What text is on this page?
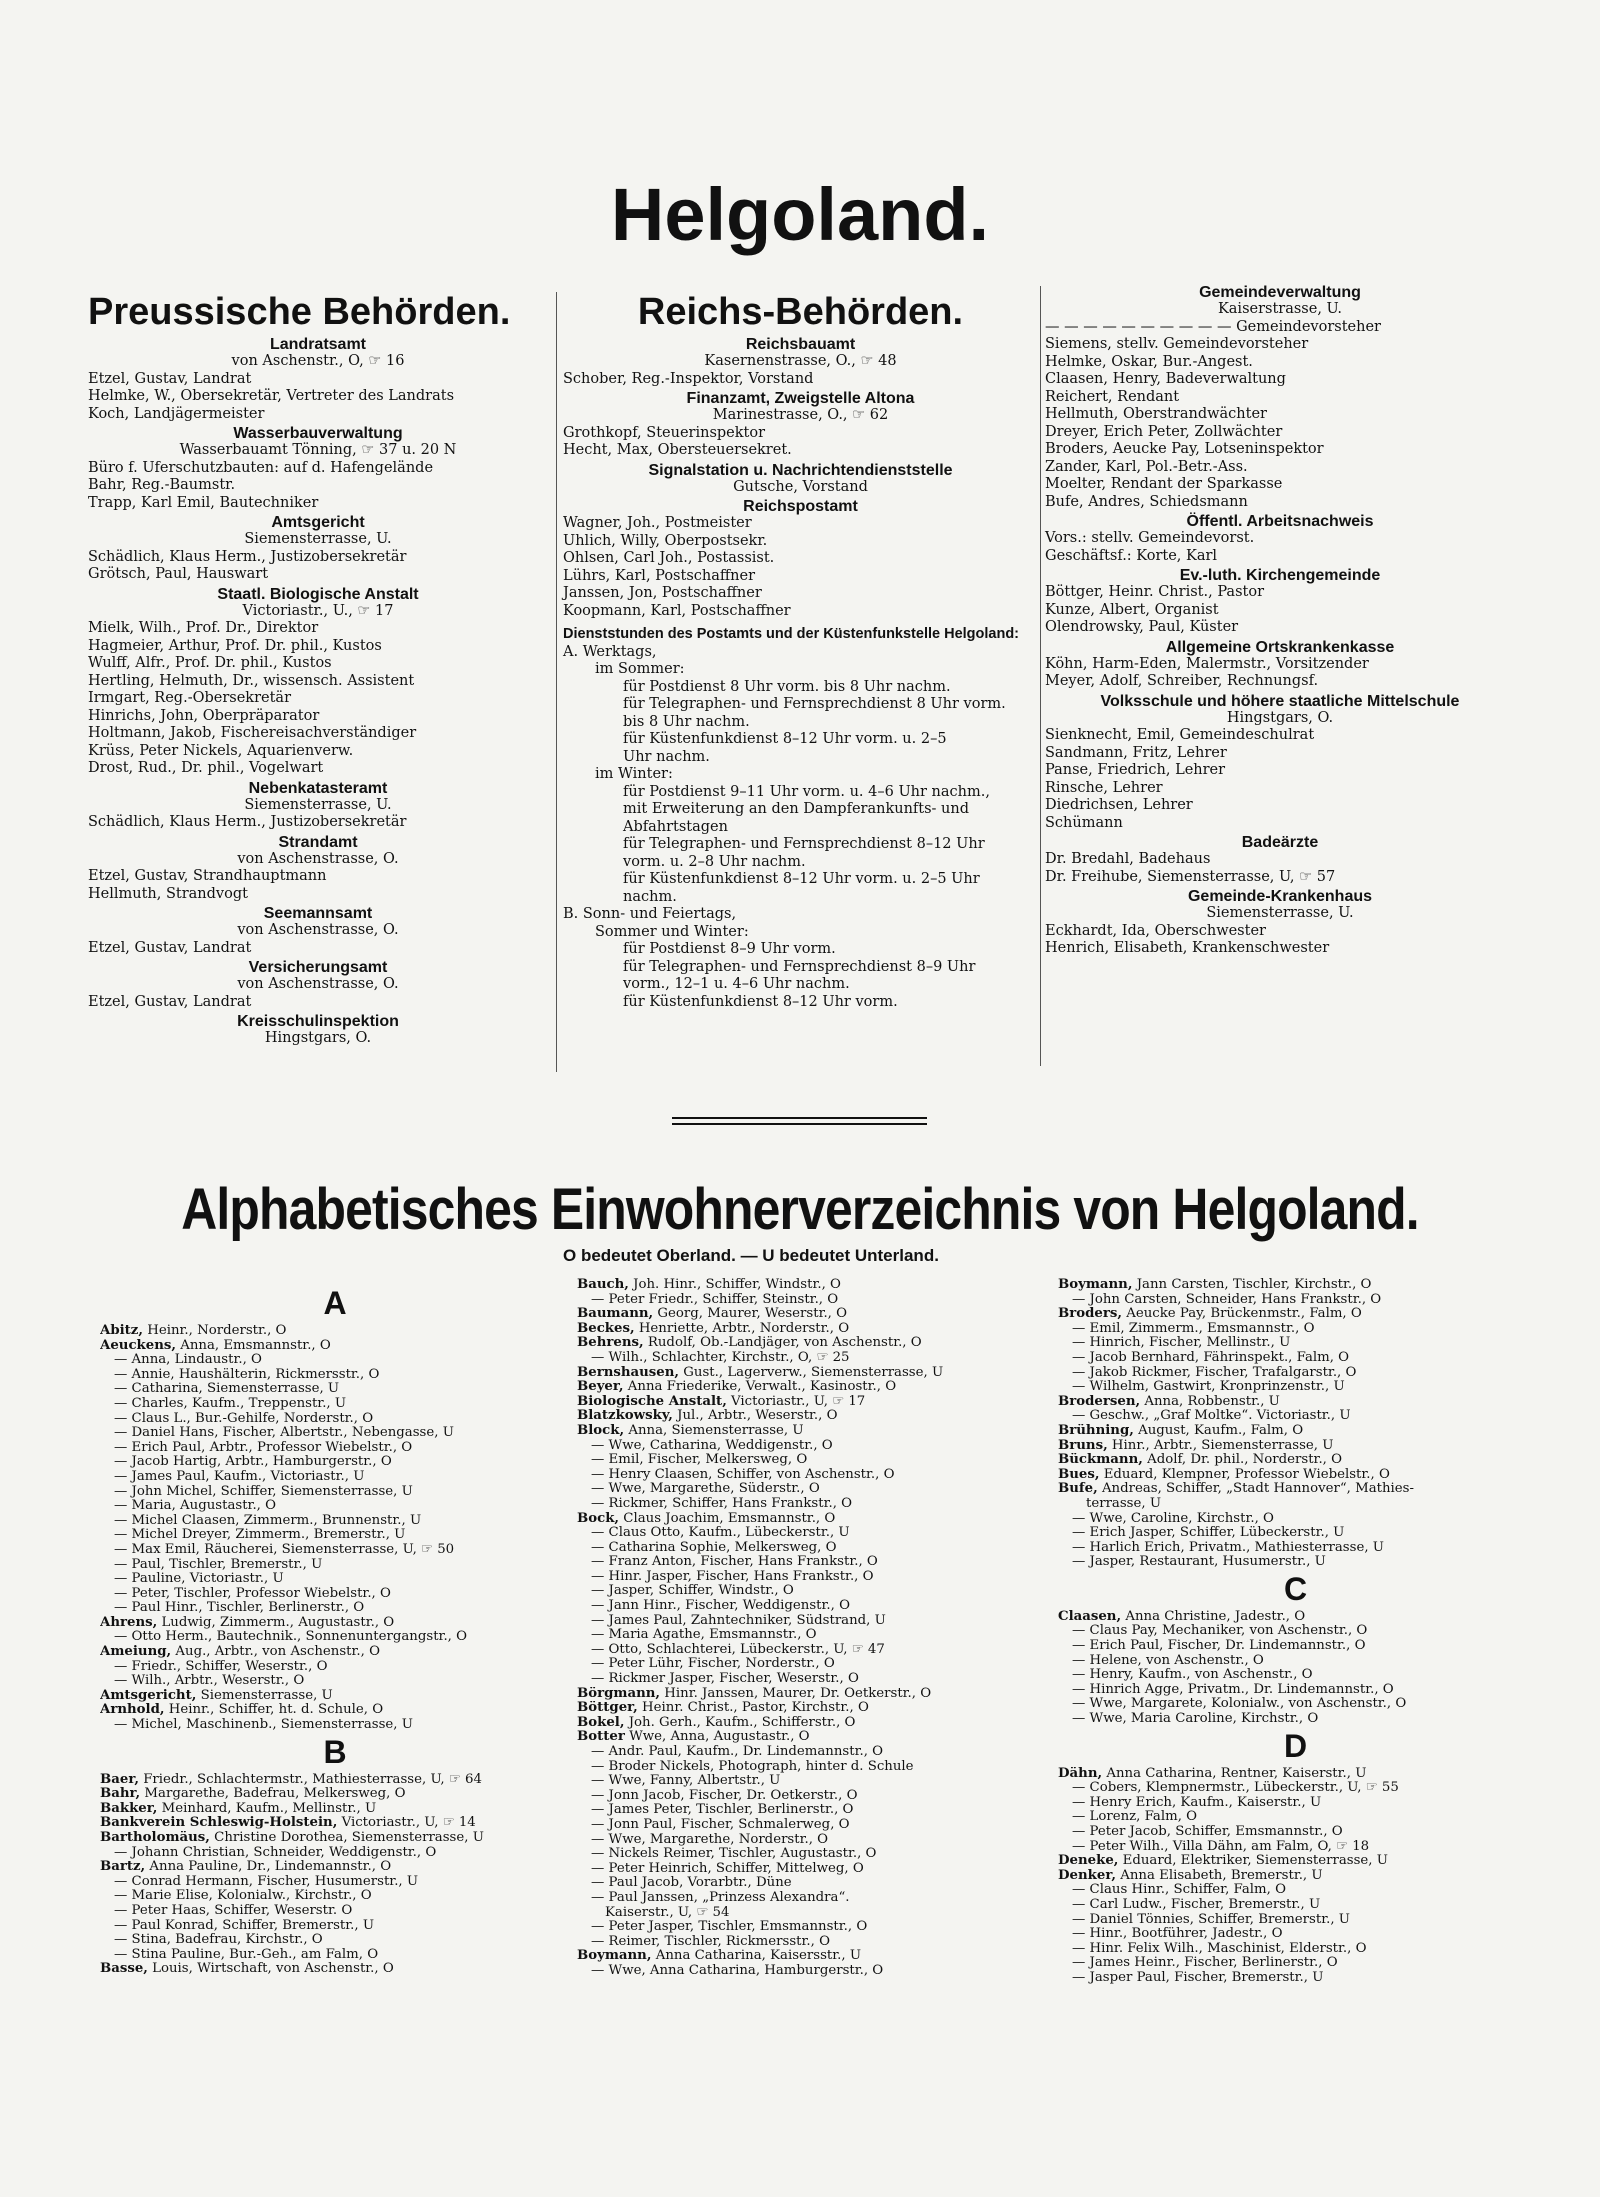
Helgoland.
Preussische Behörden.
Landratsamt
von Aschenstr., O, ☞ 16
Etzel, Gustav, Landrat
Helmke, W., Obersekretär, Vertreter des Landrats
Koch, Landjägermeister
Wasserbauverwaltung
Wasserbauamt Tönning, ☞ 37 u. 20 N
Büro f. Uferschutzbauten: auf d. Hafengelände
Bahr, Reg.-Baumstr.
Trapp, Karl Emil, Bautechniker
Amtsgericht
Siemensterrasse, U.
Schädlich, Klaus Herm., Justizobersekretär
Grötsch, Paul, Hauswart
Staatl. Biologische Anstalt
Victoriastr., U., ☞ 17
Mielk, Wilh., Prof. Dr., Direktor
Hagmeier, Arthur, Prof. Dr. phil., Kustos
Wulff, Alfr., Prof. Dr. phil., Kustos
Hertling, Helmuth, Dr., wissensch. Assistent
Irmgart, Reg.-Obersekretär
Hinrichs, John, Oberpräparator
Holtmann, Jakob, Fischereisachverständiger
Krüss, Peter Nickels, Aquarienverw.
Drost, Rud., Dr. phil., Vogelwart
Nebenkatasteramt
Siemensterrasse, U.
Schädlich, Klaus Herm., Justizobersekretär
Strandamt
von Aschenstrasse, O.
Etzel, Gustav, Strandhauptmann
Hellmuth, Strandvogt
Seemannsamt
von Aschenstrasse, O.
Etzel, Gustav, Landrat
Versicherungsamt
von Aschenstrasse, O.
Etzel, Gustav, Landrat
Kreisschulinspektion
Hingstgars, O.
Reichs-Behörden.
Reichsbauamt
Kasernenstrasse, O., ☞ 48
Schober, Reg.-Inspektor, Vorstand
Finanzamt, Zweigstelle Altona
Marinestrasse, O., ☞ 62
Grothkopf, Steuerinspektor
Hecht, Max, Obersteuersekret.
Signalstation u. Nachrichtendienststelle
Gutsche, Vorstand
Reichspostamt
Wagner, Joh., Postmeister
Uhlich, Willy, Oberpostsekr.
Ohlsen, Carl Joh., Postassist.
Lührs, Karl, Postschaffner
Janssen, Jon, Postschaffner
Koopmann, Karl, Postschaffner
Dienststunden des Postamts und der Küstenfunkstelle Helgoland:
A. Werktags,
im Sommer:
für Postdienst 8 Uhr vorm. bis 8 Uhr nachm.
für Telegraphen- und Fernsprechdienst 8 Uhr vorm.
bis 8 Uhr nachm.
für Küstenfunkdienst 8–12 Uhr vorm. u. 2–5
Uhr nachm.
im Winter:
für Postdienst 9–11 Uhr vorm. u. 4–6 Uhr nachm.,
mit Erweiterung an den Dampferankunfts- und
Abfahrtstagen
für Telegraphen- und Fernsprechdienst 8–12 Uhr
vorm. u. 2–8 Uhr nachm.
für Küstenfunkdienst 8–12 Uhr vorm. u. 2–5 Uhr
nachm.
B. Sonn- und Feiertags,
Sommer und Winter:
für Postdienst 8–9 Uhr vorm.
für Telegraphen- und Fernsprechdienst 8–9 Uhr
vorm., 12–1 u. 4–6 Uhr nachm.
für Küstenfunkdienst 8–12 Uhr vorm.
Gemeindeverwaltung
Kaiserstrasse, U.
— — — — — — — — — — Gemeindevorsteher
Siemens, stellv. Gemeindevorsteher
Helmke, Oskar, Bur.-Angest.
Claasen, Henry, Badeverwaltung
Reichert, Rendant
Hellmuth, Oberstrandwächter
Dreyer, Erich Peter, Zollwächter
Broders, Aeucke Pay, Lotseninspektor
Zander, Karl, Pol.-Betr.-Ass.
Moelter, Rendant der Sparkasse
Bufe, Andres, Schiedsmann
Öffentl. Arbeitsnachweis
Vors.: stellv. Gemeindevorst.
Geschäftsf.: Korte, Karl
Ev.-luth. Kirchengemeinde
Böttger, Heinr. Christ., Pastor
Kunze, Albert, Organist
Olendrowsky, Paul, Küster
Allgemeine Ortskrankenkasse
Köhn, Harm-Eden, Malermstr., Vorsitzender
Meyer, Adolf, Schreiber, Rechnungsf.
Volksschule und höhere staatliche Mittelschule
Hingstgars, O.
Sienknecht, Emil, Gemeindeschulrat
Sandmann, Fritz, Lehrer
Panse, Friedrich, Lehrer
Rinsche, Lehrer
Diedrichsen, Lehrer
Schümann
Badeärzte
Dr. Bredahl, Badehaus
Dr. Freihube, Siemensterrasse, U, ☞ 57
Gemeinde-Krankenhaus
Siemensterrasse, U.
Eckhardt, Ida, Oberschwester
Henrich, Elisabeth, Krankenschwester
Alphabetisches Einwohnerverzeichnis von Helgoland.
O bedeutet Oberland. — U bedeutet Unterland.
A
Abitz, Heinr., Norderstr., O
Aeuckens, Anna, Emsmannstr., O
— Anna, Lindaustr., O
— Annie, Haushälterin, Rickmersstr., O
— Catharina, Siemensterrasse, U
— Charles, Kaufm., Treppenstr., U
— Claus L., Bur.-Gehilfe, Norderstr., O
— Daniel Hans, Fischer, Albertstr., Nebengasse, U
— Erich Paul, Arbtr., Professor Wiebelstr., O
— Jacob Hartig, Arbtr., Hamburgerstr., O
— James Paul, Kaufm., Victoriastr., U
— John Michel, Schiffer, Siemensterrasse, U
— Maria, Augustastr., O
— Michel Claasen, Zimmerm., Brunnenstr., U
— Michel Dreyer, Zimmerm., Bremerstr., U
— Max Emil, Räucherei, Siemensterrasse, U, ☞ 50
— Paul, Tischler, Bremerstr., U
— Pauline, Victoriastr., U
— Peter, Tischler, Professor Wiebelstr., O
— Paul Hinr., Tischler, Berlinerstr., O
Ahrens, Ludwig, Zimmerm., Augustastr., O
— Otto Herm., Bautechnik., Sonnenuntergangstr., O
Ameiung, Aug., Arbtr., von Aschenstr., O
— Friedr., Schiffer, Weserstr., O
— Wilh., Arbtr., Weserstr., O
Amtsgericht, Siemensterrasse, U
Arnhold, Heinr., Schiffer, ht. d. Schule, O
— Michel, Maschinenb., Siemensterrasse, U
B
Baer, Friedr., Schlachtermstr., Mathiesterrasse, U, ☞ 64
Bahr, Margarethe, Badefrau, Melkersweg, O
Bakker, Meinhard, Kaufm., Mellinstr., U
Bankverein Schleswig-Holstein, Victoriastr., U, ☞ 14
Bartholomäus, Christine Dorothea, Siemensterrasse, U
— Johann Christian, Schneider, Weddigenstr., O
Bartz, Anna Pauline, Dr., Lindemannstr., O
— Conrad Hermann, Fischer, Husumerstr., U
— Marie Elise, Kolonialw., Kirchstr., O
— Peter Haas, Schiffer, Weserstr. O
— Paul Konrad, Schiffer, Bremerstr., U
— Stina, Badefrau, Kirchstr., O
— Stina Pauline, Bur.-Geh., am Falm, O
Basse, Louis, Wirtschaft, von Aschenstr., O
Bauch, Joh. Hinr., Schiffer, Windstr., O
— Peter Friedr., Schiffer, Steinstr., O
Baumann, Georg, Maurer, Weserstr., O
Beckes, Henriette, Arbtr., Norderstr., O
Behrens, Rudolf, Ob.-Landjäger, von Aschenstr., O
— Wilh., Schlachter, Kirchstr., O, ☞ 25
Bernshausen, Gust., Lagerverw., Siemensterrasse, U
Beyer, Anna Friederike, Verwalt., Kasinostr., O
Biologische Anstalt, Victoriastr., U, ☞ 17
Blatzkowsky, Jul., Arbtr., Weserstr., O
Block, Anna, Siemensterrasse, U
— Wwe, Catharina, Weddigenstr., O
— Emil, Fischer, Melkersweg, O
— Henry Claasen, Schiffer, von Aschenstr., O
— Wwe, Margarethe, Süderstr., O
— Rickmer, Schiffer, Hans Frankstr., O
Bock, Claus Joachim, Emsmannstr., O
— Claus Otto, Kaufm., Lübeckerstr., U
— Catharina Sophie, Melkersweg, O
— Franz Anton, Fischer, Hans Frankstr., O
— Hinr. Jasper, Fischer, Hans Frankstr., O
— Jasper, Schiffer, Windstr., O
— Jann Hinr., Fischer, Weddigenstr., O
— James Paul, Zahntechniker, Südstrand, U
— Maria Agathe, Emsmannstr., O
— Otto, Schlachterei, Lübeckerstr., U, ☞ 47
— Peter Lühr, Fischer, Norderstr., O
— Rickmer Jasper, Fischer, Weserstr., O
Börgmann, Hinr. Janssen, Maurer, Dr. Oetkerstr., O
Böttger, Heinr. Christ., Pastor, Kirchstr., O
Bokel, Joh. Gerh., Kaufm., Schifferstr., O
Botter Wwe, Anna, Augustastr., O
— Andr. Paul, Kaufm., Dr. Lindemannstr., O
— Broder Nickels, Photograph, hinter d. Schule
— Wwe, Fanny, Albertstr., U
— Jonn Jacob, Fischer, Dr. Oetkerstr., O
— James Peter, Tischler, Berlinerstr., O
— Jonn Paul, Fischer, Schmalerweg, O
— Wwe, Margarethe, Norderstr., O
— Nickels Reimer, Tischler, Augustastr., O
— Peter Heinrich, Schiffer, Mittelweg, O
— Paul Jacob, Vorarbtr., Düne
— Paul Janssen, „Prinzess Alexandra“.
Kaiserstr., U, ☞ 54
— Peter Jasper, Tischler, Emsmannstr., O
— Reimer, Tischler, Rickmersstr., O
Boymann, Anna Catharina, Kaisersstr., U
— Wwe, Anna Catharina, Hamburgerstr., O
Boymann, Jann Carsten, Tischler, Kirchstr., O
— John Carsten, Schneider, Hans Frankstr., O
Broders, Aeucke Pay, Brückenmstr., Falm, O
— Emil, Zimmerm., Emsmannstr., O
— Hinrich, Fischer, Mellinstr., U
— Jacob Bernhard, Fährinspekt., Falm, O
— Jakob Rickmer, Fischer, Trafalgarstr., O
— Wilhelm, Gastwirt, Kronprinzenstr., U
Brodersen, Anna, Robbenstr., U
— Geschw., „Graf Moltke“. Victoriastr., U
Brühning, August, Kaufm., Falm, O
Bruns, Hinr., Arbtr., Siemensterrasse, U
Bückmann, Adolf, Dr. phil., Norderstr., O
Bues, Eduard, Klempner, Professor Wiebelstr., O
Bufe, Andreas, Schiffer, „Stadt Hannover“, Mathies-
terrasse, U
— Wwe, Caroline, Kirchstr., O
— Erich Jasper, Schiffer, Lübeckerstr., U
— Harlich Erich, Privatm., Mathiesterrasse, U
— Jasper, Restaurant, Husumerstr., U
C
Claasen, Anna Christine, Jadestr., O
— Claus Pay, Mechaniker, von Aschenstr., O
— Erich Paul, Fischer, Dr. Lindemannstr., O
— Helene, von Aschenstr., O
— Henry, Kaufm., von Aschenstr., O
— Hinrich Agge, Privatm., Dr. Lindemannstr., O
— Wwe, Margarete, Kolonialw., von Aschenstr., O
— Wwe, Maria Caroline, Kirchstr., O
D
Dähn, Anna Catharina, Rentner, Kaiserstr., U
— Cobers, Klempnermstr., Lübeckerstr., U, ☞ 55
— Henry Erich, Kaufm., Kaiserstr., U
— Lorenz, Falm, O
— Peter Jacob, Schiffer, Emsmannstr., O
— Peter Wilh., Villa Dähn, am Falm, O, ☞ 18
Deneke, Eduard, Elektriker, Siemensterrasse, U
Denker, Anna Elisabeth, Bremerstr., U
— Claus Hinr., Schiffer, Falm, O
— Carl Ludw., Fischer, Bremerstr., U
— Daniel Tönnies, Schiffer, Bremerstr., U
— Hinr., Bootführer, Jadestr., O
— Hinr. Felix Wilh., Maschinist, Elderstr., O
— James Heinr., Fischer, Berlinerstr., O
— Jasper Paul, Fischer, Bremerstr., U
